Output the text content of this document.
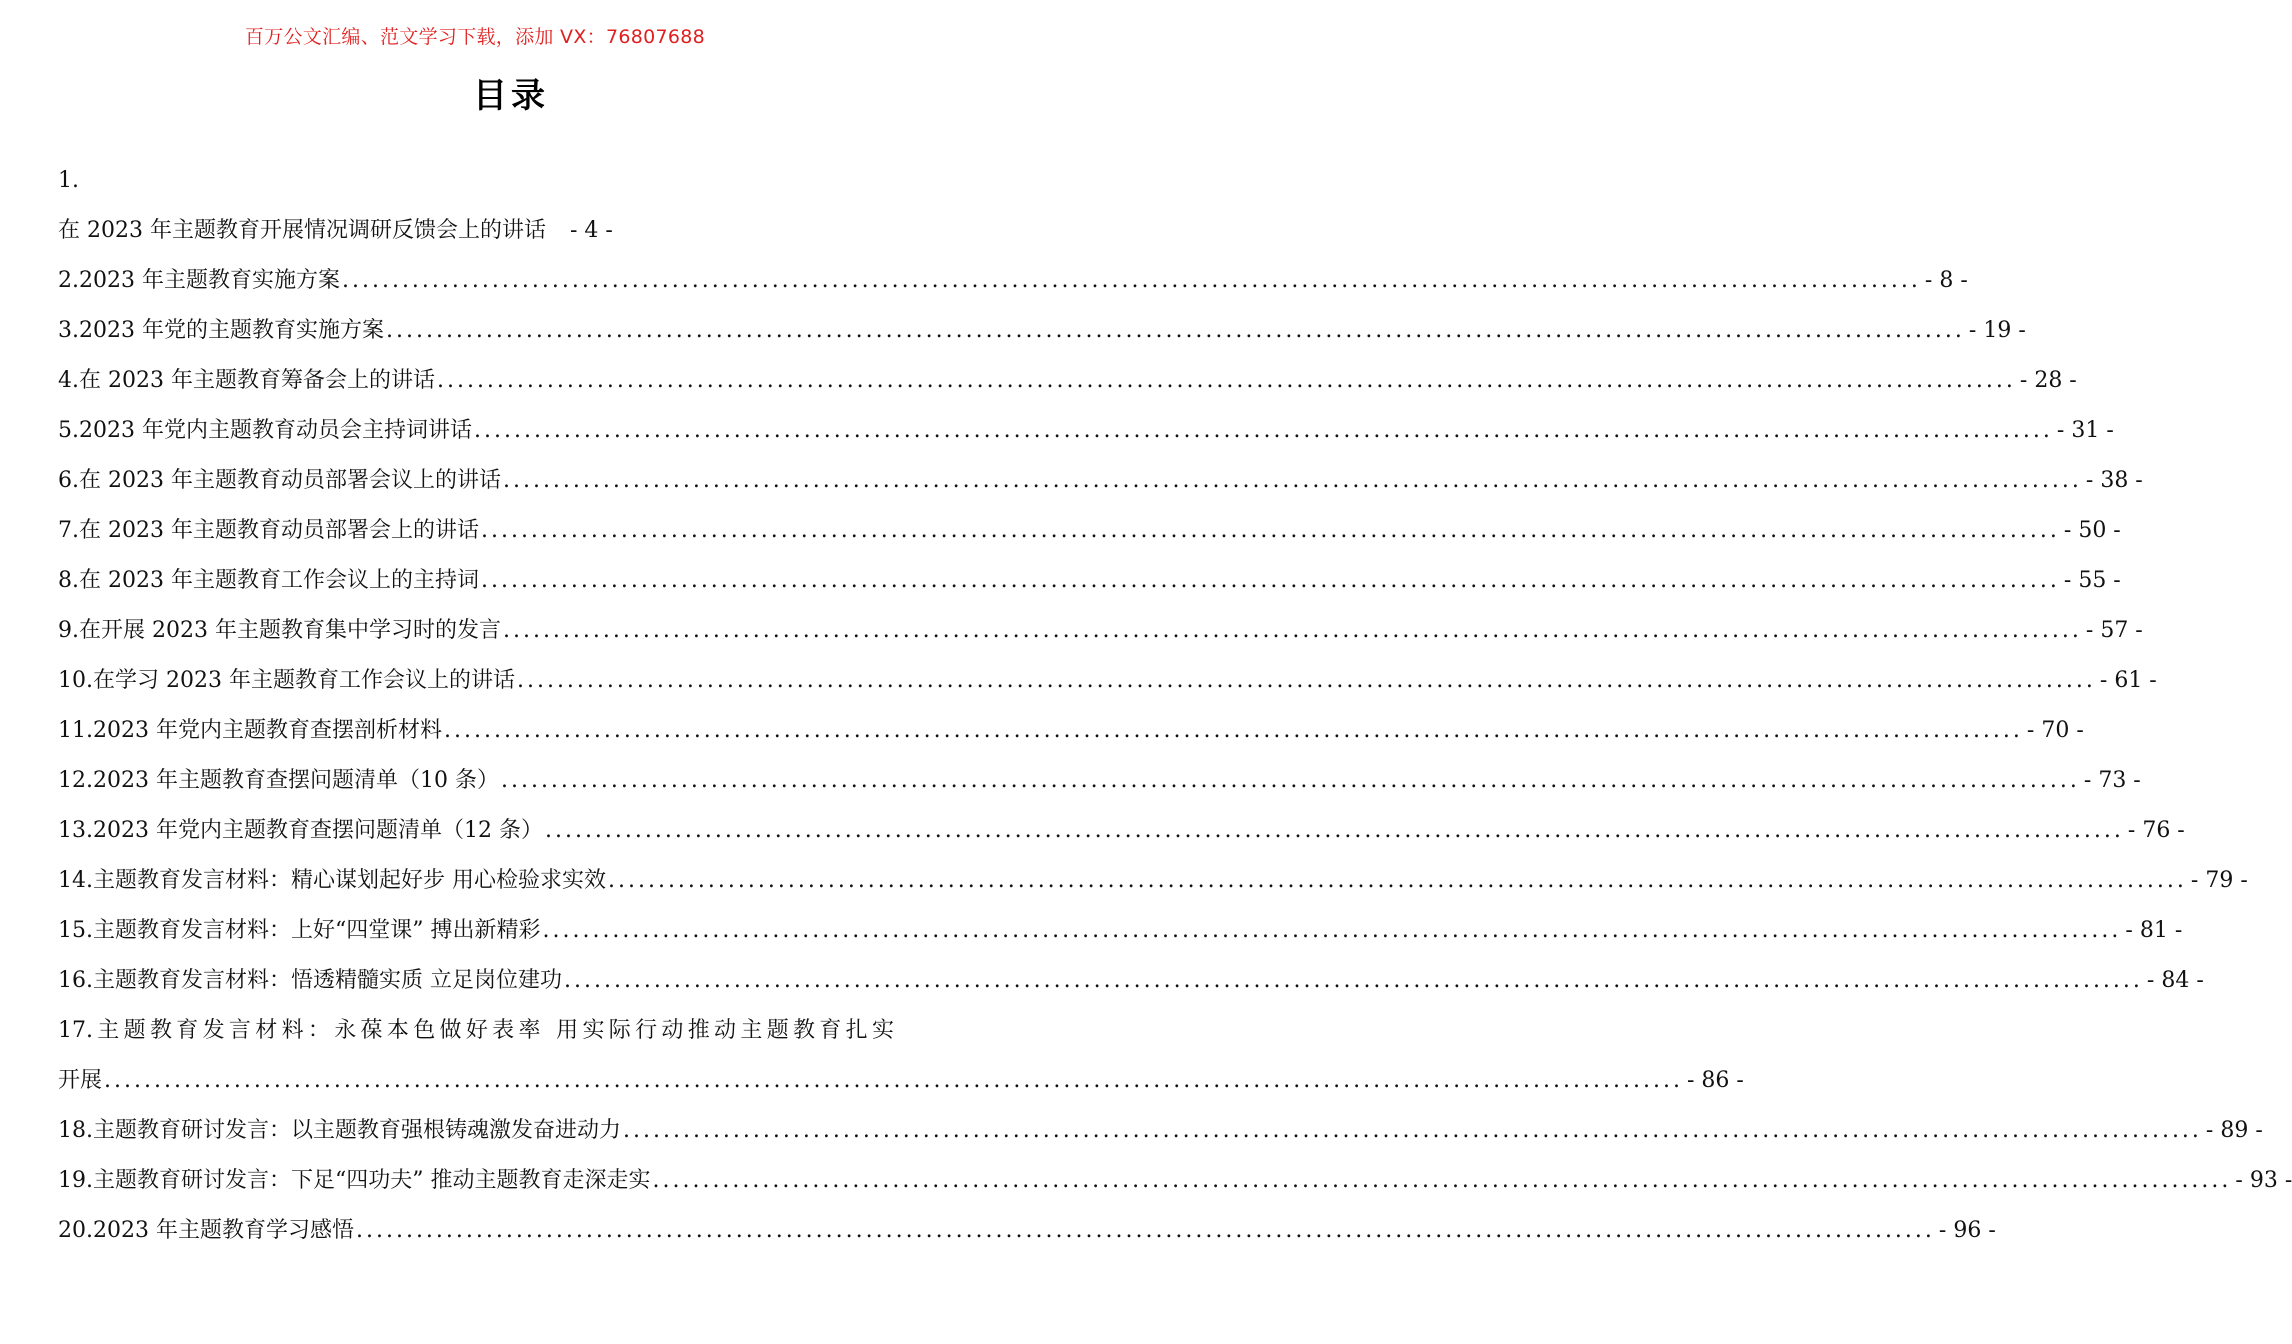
百万公文汇编、范文学习下载，添加 VX：76807688
目录
1.
在 2023 年主题教育开展情况调研反馈会上的讲话 - 4 -
2.2023 年主题教育实施方案 .....	- 8 -
3.2023 年党的主题教育实施方案 .....	- 19 -
4.在 2023 年主题教育筹备会上的讲话 .....	- 28 -
5.2023 年党内主题教育动员会主持词讲话 .....	- 31 -
6.在 2023 年主题教育动员部署会议上的讲话 .....	- 38 -
7.在 2023 年主题教育动员部署会上的讲话 .....	- 50 -
8.在 2023 年主题教育工作会议上的主持词 .....	- 55 -
9.在开展 2023 年主题教育集中学习时的发言 .....	- 57 -
10.在学习 2023 年主题教育工作会议上的讲话 .....	- 61 -
11.2023 年党内主题教育查摆剖析材料 .....	- 70 -
12.2023 年主题教育查摆问题清单（10 条） .....	- 73 -
13.2023 年党内主题教育查摆问题清单（12 条） .....	- 76 -
14.主题教育发言材料：精心谋划起好步 用心检验求实效 .....	- 79 -
15.主题教育发言材料：上好“四堂课” 搏出新精彩 .....	- 81 -
16.主题教育发言材料：悟透精髓实质 立足岗位建功 .....	- 84 -
17.主题教育发言材料：永葆本色做好表率 用实际行动推动主题教育扎实
开展 .....	- 86 -
18.主题教育研讨发言：以主题教育强根铸魂激发奋进动力 .....	- 89 -
19.主题教育研讨发言：下足“四功夫” 推动主题教育走深走实 .....	- 93 -
20.2023 年主题教育学习感悟 .....	- 96 -
